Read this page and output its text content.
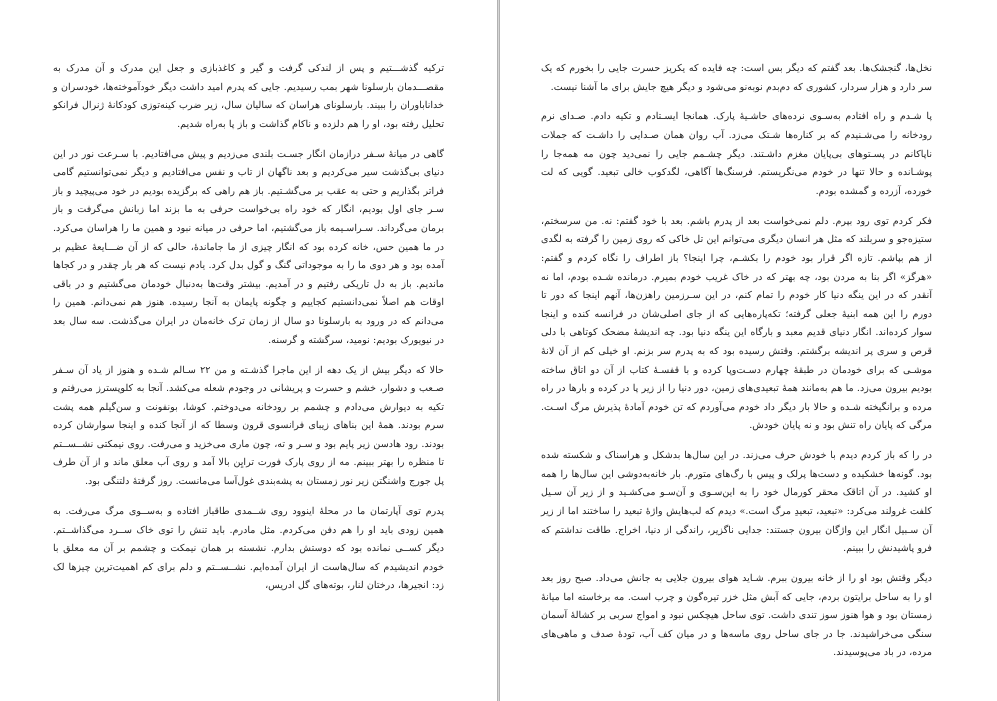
ترکیه گذشـــتیم و پس از لندکی گرفت و گیر و کاغذبازی و جعل این مدرک و آن مدرک به مقصـــدمان بارسلونا شهر بمب رسیدیم. جایی که پدرم امید داشت دیگر خودآموخته‌ها، خودسران و خداناباوران را ببیند. بارسلونای هراسان که سالیان سال، زیر ضرب کینه‌توزی کودکانهٔ ژنرال فرانکو تحلیل رفته بود، او را هم دلزده و ناکام گذاشت و باز پا به‌راه شدیم.

گاهی در میانهٔ سـفر درازمان انگار جسـت بلندی می‌زدیم و پیش می‌افتادیم. با سـرعت نور در این دنیای بی‌گذشت سیر می‌کردیم و بعد ناگهان از تاب و نفس می‌افتادیم و دیگر نمی‌توانستیم گامی فراتر بگذاریم و حتی به عقب بر می‌گشـتیم. باز هم راهی که برگزیده بودیم در خود می‌پیچید و باز سـر جای اول بودیم، انگار که خود راه بی‌خواست حرفی به ما بزند اما زبانش می‌گرفت و باز برمان می‌گرداند. سـراسـیمه باز می‌گشتیم، اما حرفی در میانه نبود و همین ما را هراسان می‌کرد. در ما همین حس، خانه کرده بود که انگار چیزی از ما جاماندهٔ، حالی که از آن ضـــایعهٔ عظیم بر آمده بود و هر دوی ما را به موجوداتی گنگ و گول بدل کرد. یادم نیست که هر بار چقدر و در کجاها ماندیم. باز به دل تاریکی رفتیم و در آمدیم. بیشتر وقت‌ها به‌دنبال خودمان می‌گشتیم و در باقی اوقات هم اصلاً نمی‌دانستیم کجاییم و چگونه پایمان به آنجا رسیده. هنوز هم نمی‌دانم. همین را می‌دانم که در ورود به بارسلونا دو سال از زمان ترک خانه‌مان در ایران می‌گذشت. سه سال بعد در نیویورک بودیم: نومید، سرگشته و گرسنه.

حالا که دیگر بیش از یک دهه از این ماجرا گذشـته و من ۲۲ سـالم شـده و هنوز از یاد آن سـفر صـعب و دشوار، خشم و حسرت و پریشانی در وجودم شعله می‌کشد. آنجا به کلوپسترز می‌رفتم و تکیه به دیوارش می‌دادم و چشمم بر رودخانه می‌دوختم. کوشا، بونفونت و سن‌گیلم همه پشت سرم بودند. همهٔ این بناهای زیبای فرانسوی قرون وسطا که از آنجا کنده و اینجا سوارشان کرده بودند. رود هادسن زیر پایم بود و سـر و ته، چون ماری می‌خزید و می‌رفت. روی نیمکتی نشــســتم تا منظره را بهتر ببینم. مه از روی پارک فورت ترایِن بالا آمد و روی آب معلق ماند و از آن طرف پل جورج واشنگتن زیر نور زمستان به پشه‌بندی غول‌آسا می‌مانست. روز گرفتهٔ دلتنگی بود.

پدرم توی آپارتمان ما در محلهٔ اینوود روی شــمدی طاقباز افتاده و به‌ســوی مرگ می‌رفت. به همین زودی باید او را هم دفن می‌کردم. مثل مادرم. باید تنش را توی خاک ســرد می‌گذاشــتم. دیگر کســی نمانده بود که دوستش بدارم. نشسته بر همان نیمکت و چشمم بر آن مه معلق با خودم اندیشیدم که سال‌هاست از ایران آمده‌ایم. نشــســتم و دلم برای کم اهمیت‌ترین چیزها لک زد: انجیرها، درختان لنار، بوته‌های گل ادریس،

نخل‌ها، گنجشک‌ها. بعد گفتم که دیگر بس است: چه فایده که یکریز حسرت جایی را بخورم که یک سر دارد و هزار سردار، کشوری که دم‌بدم نوبه‌نو می‌شود و دیگر هیچ جایش برای ما آشنا نیست.

پا شـدم و راه افتادم به‌سـوی نرده‌های حاشـیهٔ پارک. همانجا ایسـتادم و تکیه دادم. صـدای نرم رودخانه را می‌شـنیدم که بر کناره‌ها شـتک می‌زد. آب روان همان صـدایی را داشـت که جملات ناپاکانم در پسـتوهای بی‌پایان مغزم داشـتند. دیگر چشـمم جایی را نمی‌دید چون مه همه‌جا را پوشـانده و حالا تنها در خودم می‌نگریستم. فرسنگ‌ها آگاهی، لگدکوب خالی تبعید. گویی که لت خورده، آزرده و گمشده بودم.

فکر کردم توی رود بپرم. دلم نمی‌خواست بعد از پدرم باشم. بعد با خود گفتم: نه. من سرسختم، ستیزه‌جو و سربلند که مثل هر انسان دیگری می‌توانم این تل خاکی که روی زمین را گرفته به لگدی از هم بپاشم. تازه اگر قرار بود خودم را بکشـم، چرا اینجا؟ باز اطراف را نگاه کردم و گفتم: «هرگز» اگر بنا به مردن بود، چه بهتر که در خاک غریب خودم بمیرم. درمانده شـده بودم، اما نه آنقدر که در این ینگه دنیا کار خودم را تمام کنم، در این سـرزمین راهزن‌ها، آنهم اینجا که دور تا دورم را این همه ابنیهٔ جعلی گرفته؛ تکه‌پاره‌هایی که از جای اصلی‌شان در فرانسه کنده و اینجا سوار کرده‌اند. انگار دنیای قدیم معبد و بارگاه این ینگه دنیا بود. چه اندیشهٔ مضحک کوتاهی‌ با دلی قرص و سری پر اندیشه برگشتم. وقتش رسیده بود که به پدرم سر بزنم. او خیلی کم از آن لانهٔ موشـی که برای خودمان در طبقهٔ چهارم دسـت‌وپا کرده و با قفسـهٔ کتاب از آن دو اتاق ساخته بودیم بیرون می‌زد. ما هم به‌مانند همهٔ تبعیدی‌های زمین، دور دنیا را از زیر پا در کرده و بارها در راه مرده و برانگیخته شـده و حالا بار دیگر داد خودم می‌آوردم که تن خودم آمادهٔ پذیرش مرگ اسـت. مرگی که پایان راه تنش بود و نه پایان خودش.

در را که باز کردم دیدم با خودش حرف می‌زند. در این سال‌ها بدشکل و هراسناک و شکسته شده بود. گونه‌ها خشکیده و دست‌ها پرلک و پیس با رگ‌های متورم. بار خانه‌به‌دوشی این سال‌ها را همه او کشید. در آن اتاقک محقر کورمال خود را به این‌سـوی و آن‌سـو می‌کشـید و از زیر آن سـیل کلفت غرولند می‌کرد: «تبعید، تبعیدِ مرگ است.» دیدم که لب‌هایش واژهٔ تبعید را ساختند اما از زیر آن سـبیل انگار این واژگان بیرون جستند: جدایی ناگزیر، راندگی از دنیا، اخراج. طاقت نداشتم که فرو پاشیدنش را ببینم.

دیگر وقتش بود او را از خانه بیرون ببرم. شـاید هوای بیرون جلایی به جانش می‌داد. صبح روز بعد او را به ساحل برایتون بردم، جایی که آبش مثل خزر تیره‌گون و چرب است. مه برخاسته اما میانهٔ زمستان بود و هوا هنوز سوز تندی داشت. توی ساحل هیچکس نبود و امواج سربی بر کشالهٔ آسمان سنگی می‌خراشیدند. جا در جای ساحل روی ماسه‌ها و در میان کف آب، تودهٔ صدف و ماهی‌های مرده، در باد می‌پوسیدند.
